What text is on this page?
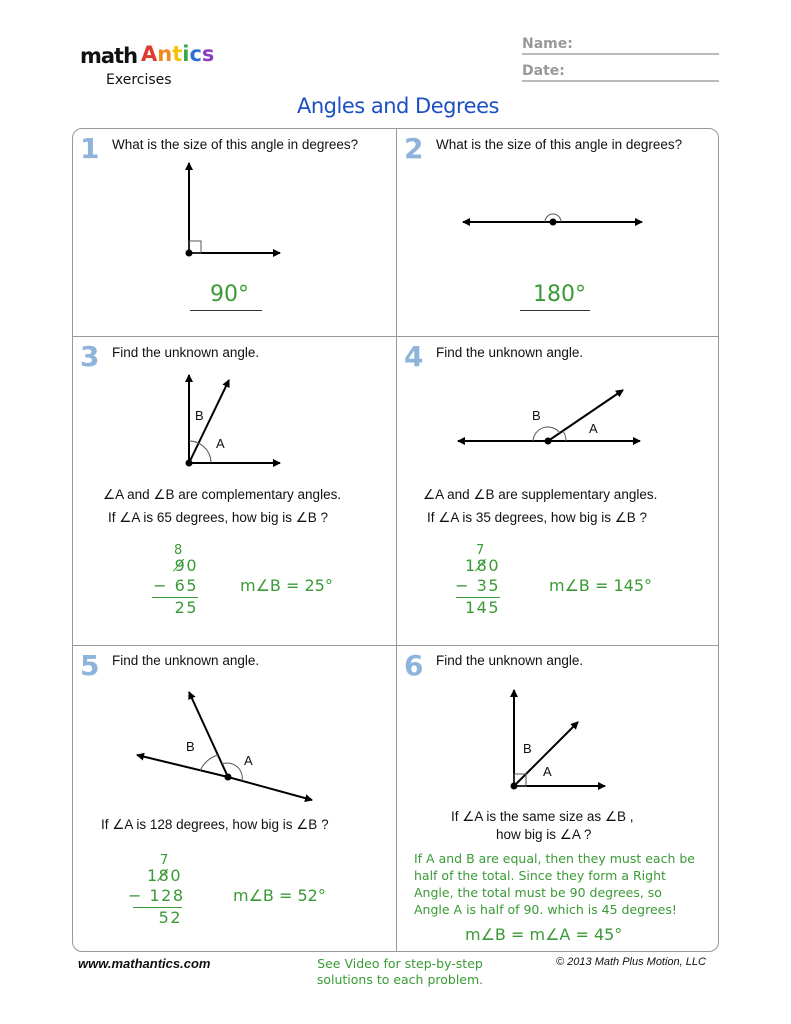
math Antics
Exercises
Name:
Date:
Angles and Degrees
1 What is the size of this angle in degrees?
90°
2 What is the size of this angle in degrees?
180°
3 Find the unknown angle.
B
A
∠A and ∠B are complementary angles.
If ∠A is 65 degrees, how big is ∠B ?
8
9̸0
− 65
25
m∠B = 25°
4 Find the unknown angle.
B
A
∠A and ∠B are supplementary angles.
If ∠A is 35 degrees, how big is ∠B ?
7
18̸0
− 35
145
m∠B = 145°
5 Find the unknown angle.
B
A
If ∠A is 128 degrees, how big is ∠B ?
7
18̸0
− 128
52
m∠B = 52°
6 Find the unknown angle.
B
A
If ∠A is the same size as ∠B ,
how big is ∠A ?
If A and B are equal, then they must each be
half of the total. Since they form a Right
Angle, the total must be 90 degrees, so
Angle A is half of 90. which is 45 degrees!
m∠B = m∠A = 45°
www.mathantics.com	See Video for step-by-step
solutions to each problem.
© 2013 Math Plus Motion, LLC
